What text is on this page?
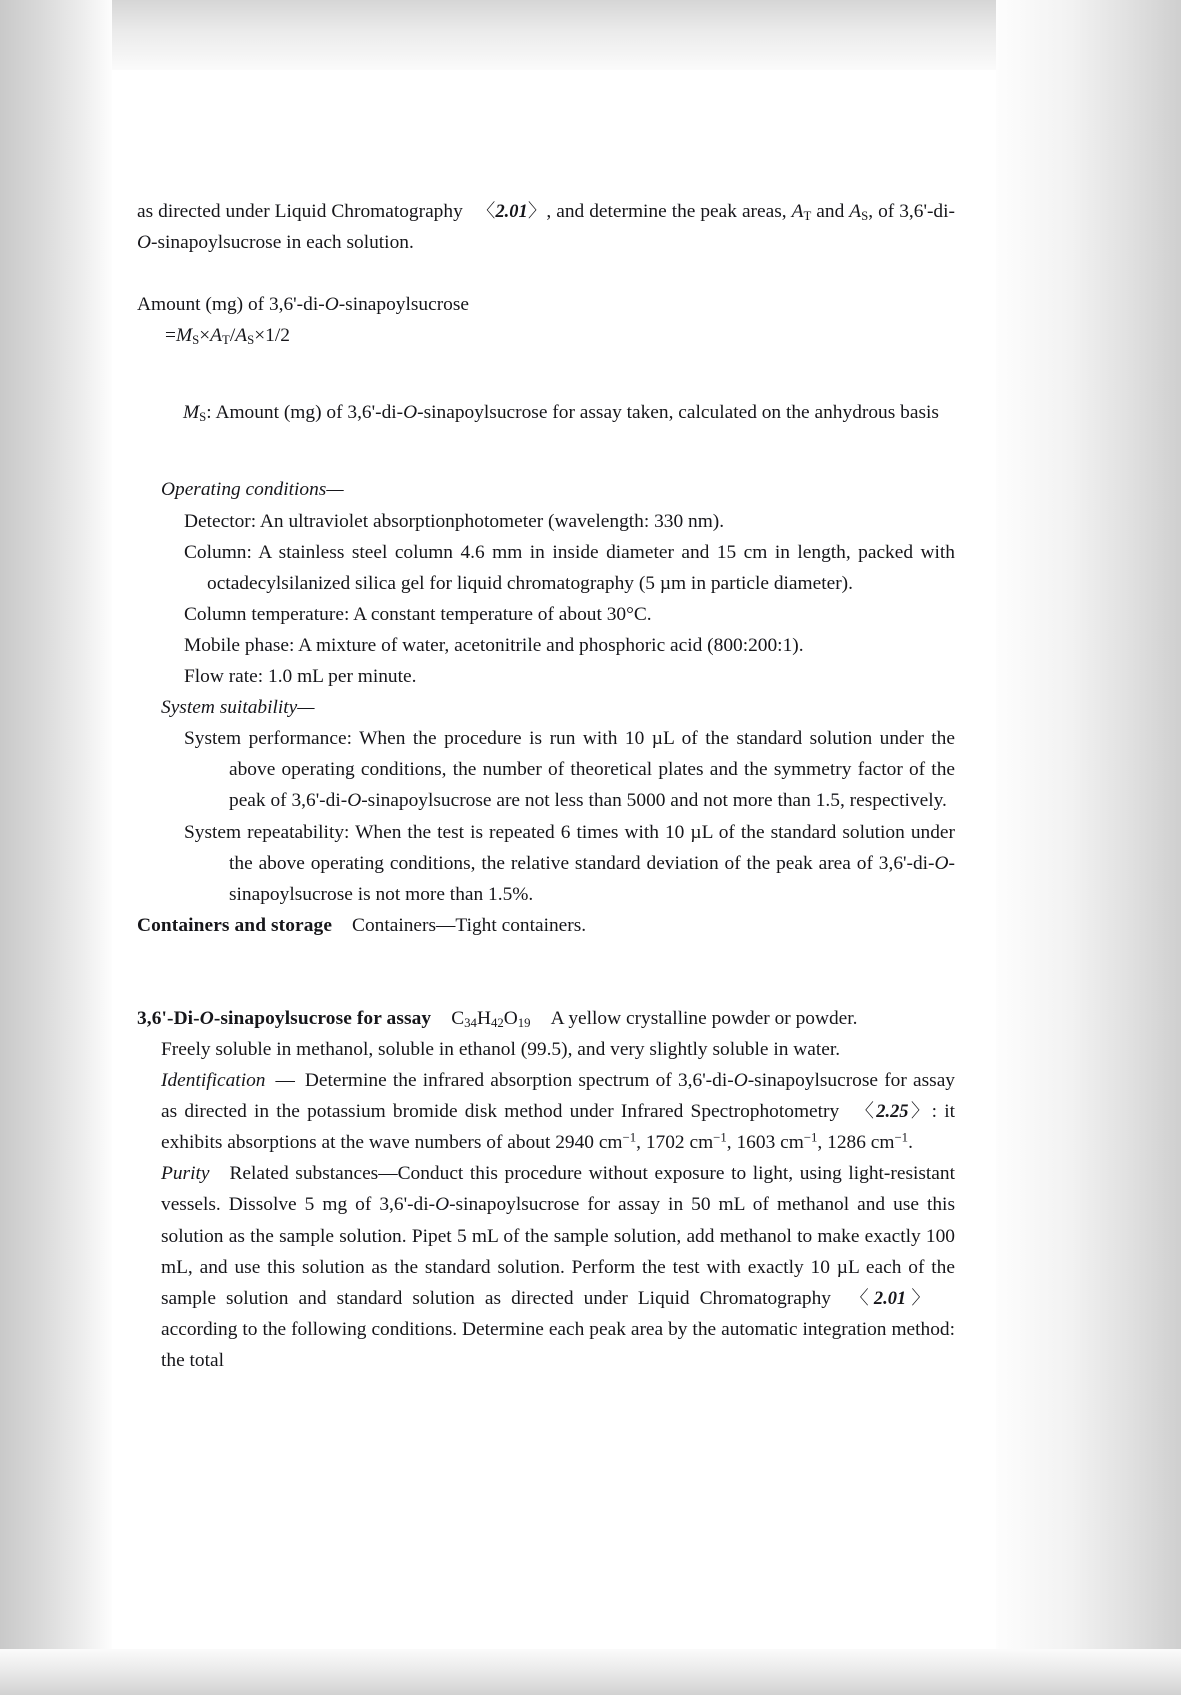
as directed under Liquid Chromatography 〈2.01〉, and determine the peak areas, $A_T$ and $A_S$, of 3,6'-di-O-sinapoylsucrose in each solution.

Amount (mg) of 3,6'-di-O-sinapoylsucrose

$=M_S\times A_T/A_S\times 1/2$

$M_S$: Amount (mg) of 3,6'-di-O-sinapoylsucrose for assay taken, calculated on the anhydrous basis

Operating conditions—

Detector: An ultraviolet absorptionphotometer (wavelength: 330 nm).

Column: A stainless steel column 4.6 mm in inside diameter and 15 cm in length, packed with octadecylsilanized silica gel for liquid chromatography (5 µm in particle diameter).

Column temperature: A constant temperature of about 30°C.

Mobile phase: A mixture of water, acetonitrile and phosphoric acid (800:200:1).

Flow rate: 1.0 mL per minute.

System suitability—

System performance: When the procedure is run with 10 µL of the standard solution under the above operating conditions, the number of theoretical plates and the symmetry factor of the peak of 3,6'-di-O-sinapoylsucrose are not less than 5000 and not more than 1.5, respectively.

System repeatability: When the test is repeated 6 times with 10 µL of the standard solution under the above operating conditions, the relative standard deviation of the peak area of 3,6'-di-O-sinapoylsucrose is not more than 1.5%.

Containers and storage Containers—Tight containers.

3,6'-Di-O-sinapoylsucrose for assay $C_{34}H_{42}O_{19}$ A yellow crystalline powder or powder.

Freely soluble in methanol, soluble in ethanol (99.5), and very slightly soluble in water.

Identification — Determine the infrared absorption spectrum of 3,6'-di-O-sinapoylsucrose for assay as directed in the potassium bromide disk method under Infrared Spectrophotometry 〈2.25〉: it exhibits absorptions at the wave numbers of about 2940 $cm^{-1}$, 1702 $cm^{-1}$, 1603 $cm^{-1}$, 1286 $cm^{-1}$.

Purity Related substances—Conduct this procedure without exposure to light, using light-resistant vessels. Dissolve 5 mg of 3,6'-di-O-sinapoylsucrose for assay in 50 mL of methanol and use this solution as the sample solution. Pipet 5 mL of the sample solution, add methanol to make exactly 100 mL, and use this solution as the standard solution. Perform the test with exactly 10 µL each of the sample solution and standard solution as directed under Liquid Chromatography 〈2.01〉according to the following conditions. Determine each peak area by the automatic integration method: the total
